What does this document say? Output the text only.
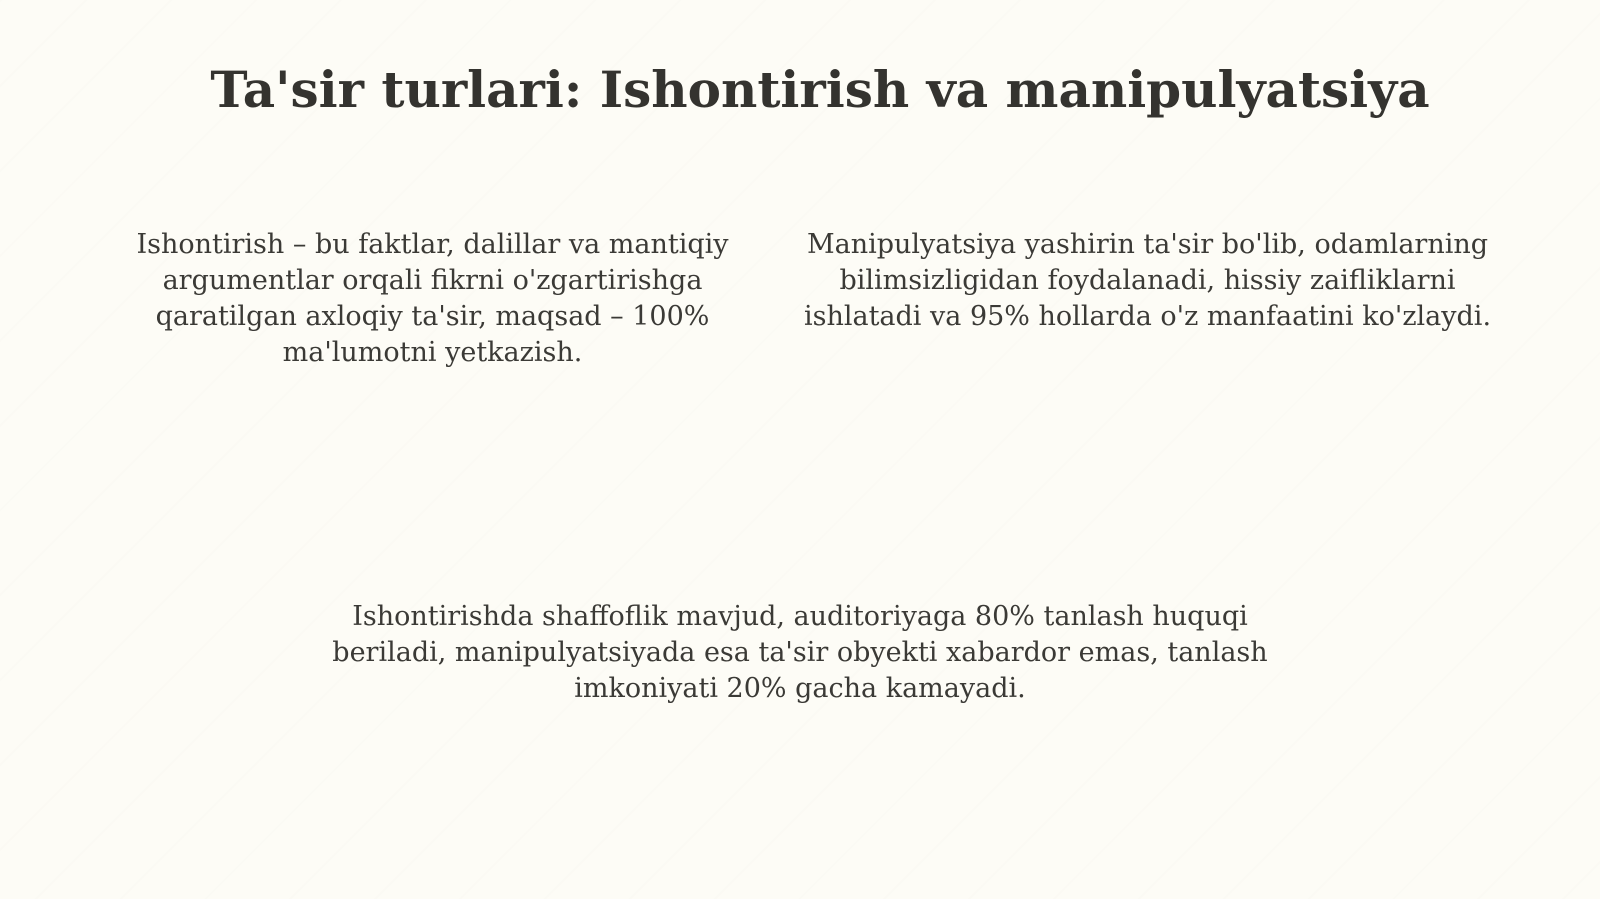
Ta'sir turlari: Ishontirish va manipulyatsiya

Ishontirish – bu faktlar, dalillar va mantiqiy argumentlar orqali fikrni o'zgartirishga qaratilgan axloqiy ta'sir, maqsad – 100% ma'lumotni yetkazish.

Manipulyatsiya yashirin ta'sir bo'lib, odamlarning bilimsizligidan foydalanadi, hissiy zaifliklarni ishlatadi va 95% hollarda o'z manfaatini ko'zlaydi.

Ishontirishda shaffoflik mavjud, auditoriyaga 80% tanlash huquqi beriladi, manipulyatsiyada esa ta'sir obyekti xabardor emas, tanlash imkoniyati 20% gacha kamayadi.
